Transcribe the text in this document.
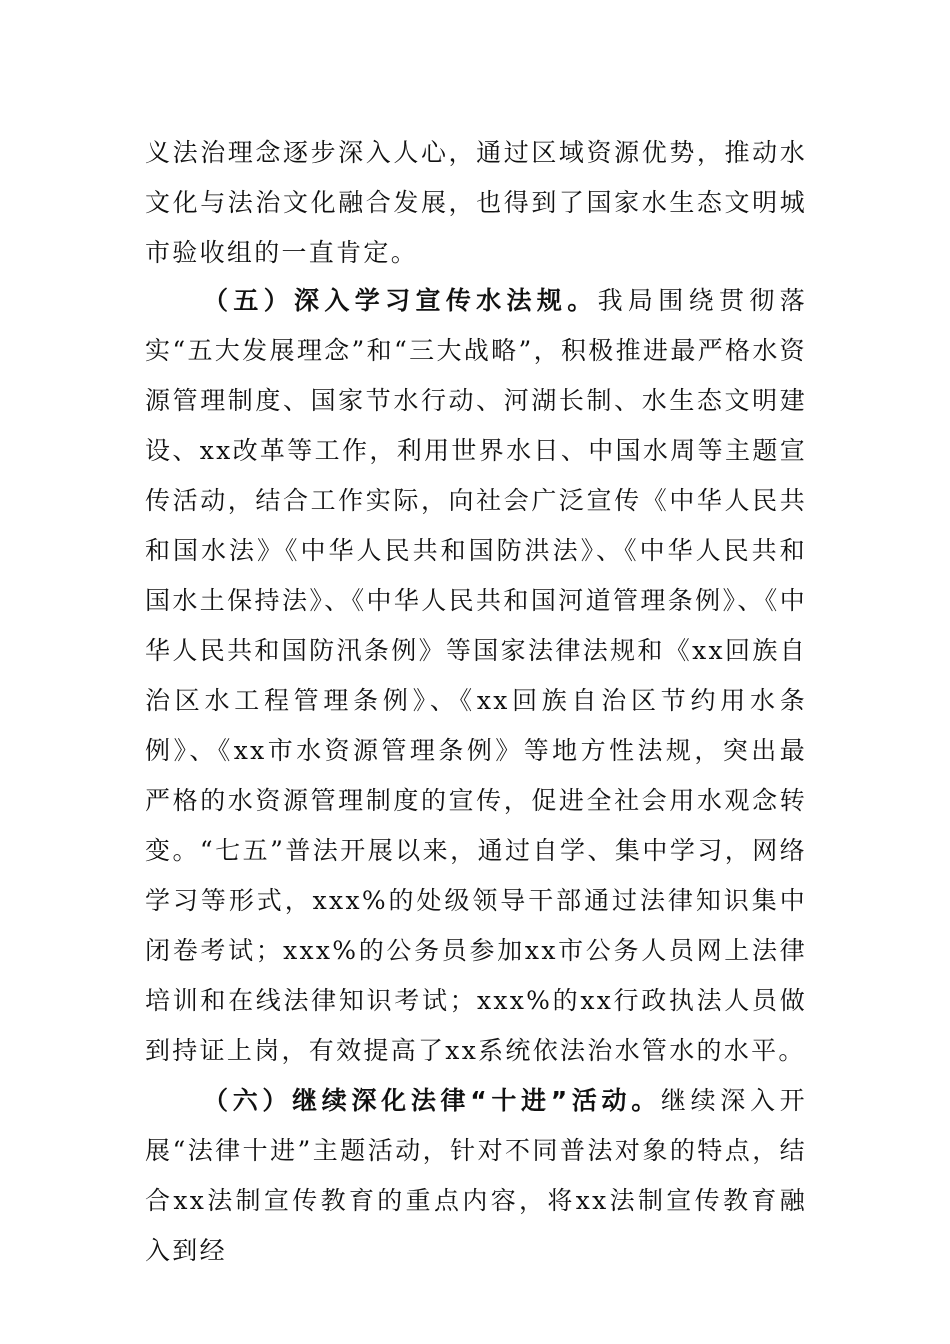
义法治理念逐步深入人心，通过区域资源优势，推动水文化与法治文化融合发展，也得到了国家水生态文明城市验收组的一直肯定。

（五）深入学习宣传水法规。我局围绕贯彻落实“五大发展理念”和“三大战略”，积极推进最严格水资源管理制度、国家节水行动、河湖长制、水生态文明建设、xx改革等工作，利用世界水日、中国水周等主题宣传活动，结合工作实际，向社会广泛宣传《中华人民共和国水法》《中华人民共和国防洪法》、《中华人民共和国水土保持法》、《中华人民共和国河道管理条例》、《中华人民共和国防汛条例》等国家法律法规和《xx回族自治区水工程管理条例》、《xx回族自治区节约用水条例》、《xx市水资源管理条例》等地方性法规，突出最严格的水资源管理制度的宣传，促进全社会用水观念转变。“七五”普法开展以来，通过自学、集中学习，网络学习等形式，xxx%的处级领导干部通过法律知识集中闭卷考试；xxx%的公务员参加xx市公务人员网上法律培训和在线法律知识考试；xxx%的xx行政执法人员做到持证上岗，有效提高了xx系统依法治水管水的水平。

（六）继续深化法律“十进”活动。继续深入开展“法律十进”主题活动，针对不同普法对象的特点，结合xx法制宣传教育的重点内容，将xx法制宣传教育融入到经
